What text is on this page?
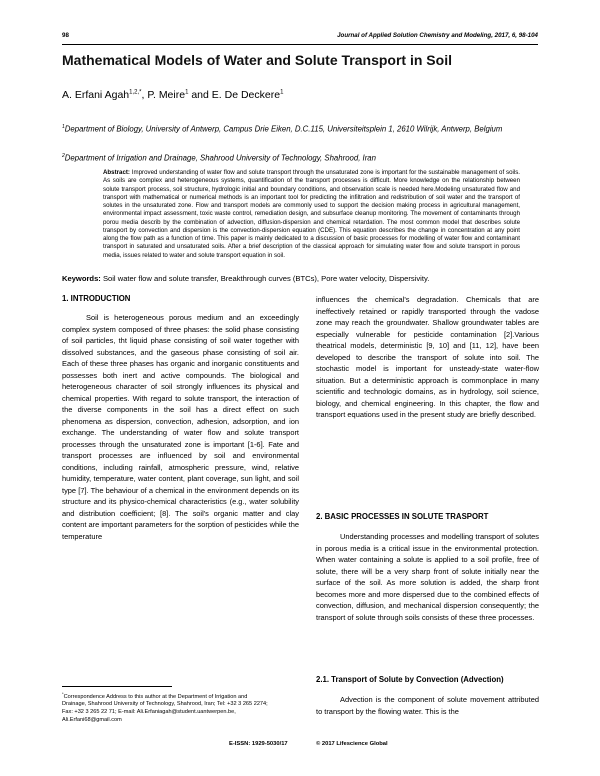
98	Journal of Applied Solution Chemistry and Modeling, 2017, 6, 98-104
Mathematical Models of Water and Solute Transport in Soil
A. Erfani Agah$^{1,2,*}$, P. Meire$^1$ and E. De Deckere$^1$
$^1$Department of Biology, University of Antwerp, Campus Drie Eiken, D.C.115, Universiteitsplein 1, 2610 Wilrijk, Antwerp, Belgium
$^2$Department of Irrigation and Drainage, Shahrood University of Technology, Shahrood, Iran
Abstract: Improved understanding of water flow and solute transport through the unsaturated zone is important for the sustainable management of soils. As soils are complex and heterogeneous systems, quantification of the transport processes is difficult. More knowledge on the relationship between solute transport process, soil structure, hydrologic initial and boundary conditions, and observation scale is needed here.Modeling unsaturated flow and transport with mathematical or numerical methods is an important tool for predicting the infiltration and redistribution of soil water and the transport of solutes in the unsaturated zone. Flow and transport models are commonly used to support the decision making process in agricultural management, environmental impact assessment, toxic waste control, remediation design, and subsurface cleanup monitoring. The movement of contaminants through porou media describ by the combination of advection, diffusion-dispersion and chemical retardation. The most common model that describes solute transport by convection and dispersion is the convection-dispersion equation (CDE). This equation describes the change in concentration at any point along the flow path as a function of time. This paper is mainly dedicated to a discussion of basic processes for modelling of water flow and contaminant transport in saturated and unsaturated soils. After a brief description of the classical approach for simulating water flow and solute transport in porous media, issues related to water and solute transport equation in soil.
Keywords: Soil water flow and solute transfer, Breakthrough curves (BTCs), Pore water velocity, Dispersivity.
1. INTRODUCTION

Soil is heterogeneous porous medium and an exceedingly complex system composed of three phases: the solid phase consisting of soil particles, tht liquid phase consisting of soil water together with dissolved substances, and the gaseous phase consisting of soil air. Each of these three phases has organic and inorganic constituents and possesses both inert and active compounds. The biological and heterogeneous character of soil strongly influences its physical and chemical properties. With regard to solute transport, the interaction of the diverse components in the soil has a direct effect on such phenomena as dispersion, convection, adhesion, adsorption, and ion exchange. The understanding of water flow and solute transport processes through the unsaturated zone is important [1-6]. Fate and transport processes are influenced by soil and environmental conditions, including rainfall, atmospheric pressure, wind, relative humidity, temperature, water content, plant coverage, sun light, and soil type [7]. The behaviour of a chemical in the environment depends on its structure and its physico-chemical characteristics (e.g., water solubility and distribution coefficient; [8]. The soil's organic matter and clay content are important parameters for the sorption of pesticides while the temperature

influences the chemical's degradation. Chemicals that are ineffectively retained or rapidly transported through the vadose zone may reach the groundwater. Shallow groundwater tables are especially vulnerable for pesticide contamination [2].Various theatrical models, deterministic [9, 10] and [11, 12], have been developed to describe the transport of solute into soil. The stochastic model is important for unsteady-state water-flow situation. But a deterministic approach is commonplace in many scientific and technologic domains, as in hydrology, soil science, biology, and chemical engineering. In this chapter, the flow and transport equations used in the present study are briefly described.

2. BASIC PROCESSES IN SOLUTE TRASPORT

Understanding processes and modelling transport of solutes in porous media is a critical issue in the environmental protection. When water containing a solute is applied to a soil profile, free of solute, there will be a very sharp front of solute initially near the surface of the soil. As more solution is added, the sharp front becomes more and more dispersed due to the combined effects of convection, diffusion, and mechanical dispersion consequently; the transport of solute through soils consists of these three processes.

2.1. Transport of Solute by Convection (Advection)

Advection is the component of solute movement attributed to transport by the flowing water. This is the

*Correspondence Address to this author at the Department of Irrigation and Drainage, Shahrood University of Technology, Shahrood, Iran; Tel: +32 3 265 2274; Fax: +32 3 265 22 71; E-mail: Ali.Erfaniagah@student.uantwerpen.be, Ali.Erfani68@gmail.com
E-ISSN: 1929-5030/17	© 2017 Lifescience Global
